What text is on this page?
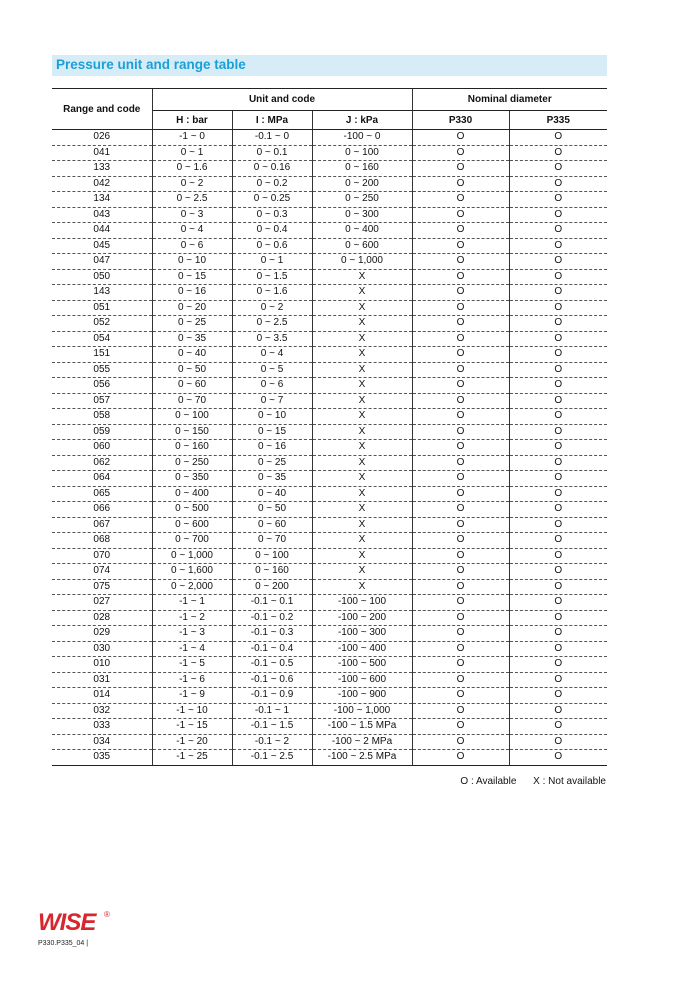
Pressure unit and range table
Range and code	Unit and code			Nominal diameter	
	H : bar	I : MPa	J : kPa	P330	P335
026	-1 ~ 0	-0.1 ~ 0	-100 ~ 0	O	O
041	0 ~ 1	0 ~ 0.1	0 ~ 100	O	O
133	0 ~ 1.6	0 ~ 0.16	0 ~ 160	O	O
042	0 ~ 2	0 ~ 0.2	0 ~ 200	O	O
134	0 ~ 2.5	0 ~ 0.25	0 ~ 250	O	O
043	0 ~ 3	0 ~ 0.3	0 ~ 300	O	O
044	0 ~ 4	0 ~ 0.4	0 ~ 400	O	O
045	0 ~ 6	0 ~ 0.6	0 ~ 600	O	O
047	0 ~ 10	0 ~ 1	0 ~ 1,000	O	O
050	0 ~ 15	0 ~ 1.5	X	O	O
143	0 ~ 16	0 ~ 1.6	X	O	O
051	0 ~ 20	0 ~ 2	X	O	O
052	0 ~ 25	0 ~ 2.5	X	O	O
054	0 ~ 35	0 ~ 3.5	X	O	O
151	0 ~ 40	0 ~ 4	X	O	O
055	0 ~ 50	0 ~ 5	X	O	O
056	0 ~ 60	0 ~ 6	X	O	O
057	0 ~ 70	0 ~ 7	X	O	O
058	0 ~ 100	0 ~ 10	X	O	O
059	0 ~ 150	0 ~ 15	X	O	O
060	0 ~ 160	0 ~ 16	X	O	O
062	0 ~ 250	0 ~ 25	X	O	O
064	0 ~ 350	0 ~ 35	X	O	O
065	0 ~ 400	0 ~ 40	X	O	O
066	0 ~ 500	0 ~ 50	X	O	O
067	0 ~ 600	0 ~ 60	X	O	O
068	0 ~ 700	0 ~ 70	X	O	O
070	0 ~ 1,000	0 ~ 100	X	O	O
074	0 ~ 1,600	0 ~ 160	X	O	O
075	0 ~ 2,000	0 ~ 200	X	O	O
027	-1 ~ 1	-0.1 ~ 0.1	-100 ~ 100	O	O
028	-1 ~ 2	-0.1 ~ 0.2	-100 ~ 200	O	O
029	-1 ~ 3	-0.1 ~ 0.3	-100 ~ 300	O	O
030	-1 ~ 4	-0.1 ~ 0.4	-100 ~ 400	O	O
010	-1 ~ 5	-0.1 ~ 0.5	-100 ~ 500	O	O
031	-1 ~ 6	-0.1 ~ 0.6	-100 ~ 600	O	O
014	-1 ~ 9	-0.1 ~ 0.9	-100 ~ 900	O	O
032	-1 ~ 10	-0.1 ~ 1	-100 ~ 1,000	O	O
033	-1 ~ 15	-0.1 ~ 1.5	-100 ~ 1.5 MPa	O	O
034	-1 ~ 20	-0.1 ~ 2	-100 ~ 2 MPa	O	O
035	-1 ~ 25	-0.1 ~ 2.5	-100 ~ 2.5 MPa	O	O
O : Available X : Not available
WISE ®
P330.P335_04 |
